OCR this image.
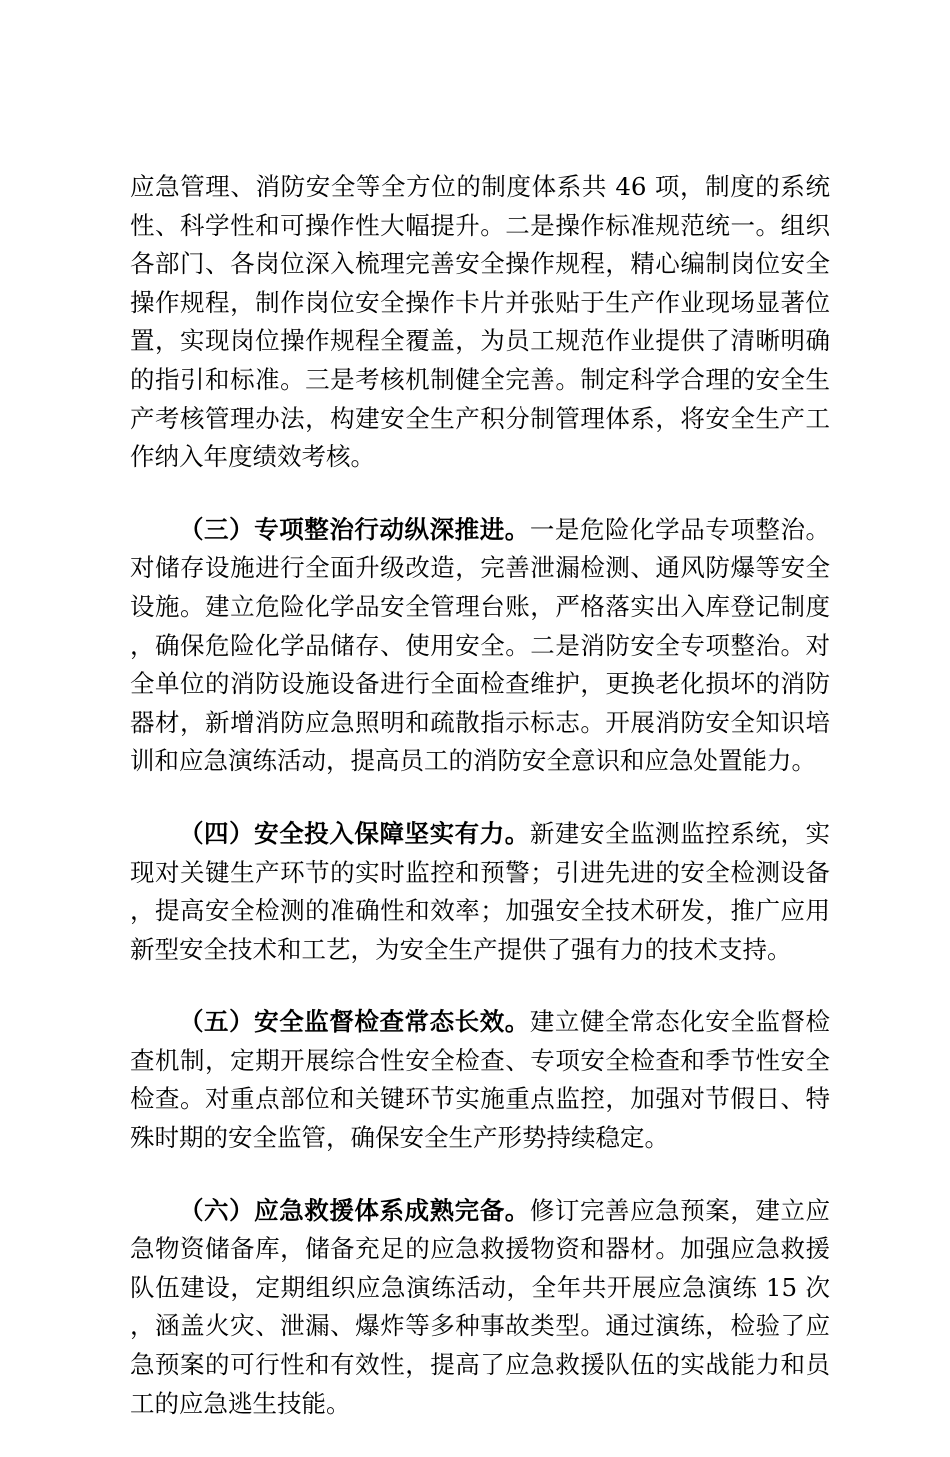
应急管理、消防安全等全方位的制度体系共 46 项，制度的系统性、科学性和可操作性大幅提升。二是操作标准规范统一。组织各部门、各岗位深入梳理完善安全操作规程，精心编制岗位安全操作规程，制作岗位安全操作卡片并张贴于生产作业现场显著位置，实现岗位操作规程全覆盖，为员工规范作业提供了清晰明确的指引和标准。三是考核机制健全完善。制定科学合理的安全生产考核管理办法，构建安全生产积分制管理体系，将安全生产工作纳入年度绩效考核。

（三）专项整治行动纵深推进。一是危险化学品专项整治。对储存设施进行全面升级改造，完善泄漏检测、通风防爆等安全设施。建立危险化学品安全管理台账，严格落实出入库登记制度，确保危险化学品储存、使用安全。二是消防安全专项整治。对全单位的消防设施设备进行全面检查维护，更换老化损坏的消防器材，新增消防应急照明和疏散指示标志。开展消防安全知识培训和应急演练活动，提高员工的消防安全意识和应急处置能力。

（四）安全投入保障坚实有力。新建安全监测监控系统，实现对关键生产环节的实时监控和预警；引进先进的安全检测设备，提高安全检测的准确性和效率；加强安全技术研发，推广应用新型安全技术和工艺，为安全生产提供了强有力的技术支持。

（五）安全监督检查常态长效。建立健全常态化安全监督检查机制，定期开展综合性安全检查、专项安全检查和季节性安全检查。对重点部位和关键环节实施重点监控，加强对节假日、特殊时期的安全监管，确保安全生产形势持续稳定。

（六）应急救援体系成熟完备。修订完善应急预案，建立应急物资储备库，储备充足的应急救援物资和器材。加强应急救援队伍建设，定期组织应急演练活动，全年共开展应急演练 15 次，涵盖火灾、泄漏、爆炸等多种事故类型。通过演练，检验了应急预案的可行性和有效性，提高了应急救援队伍的实战能力和员工的应急逃生技能。
